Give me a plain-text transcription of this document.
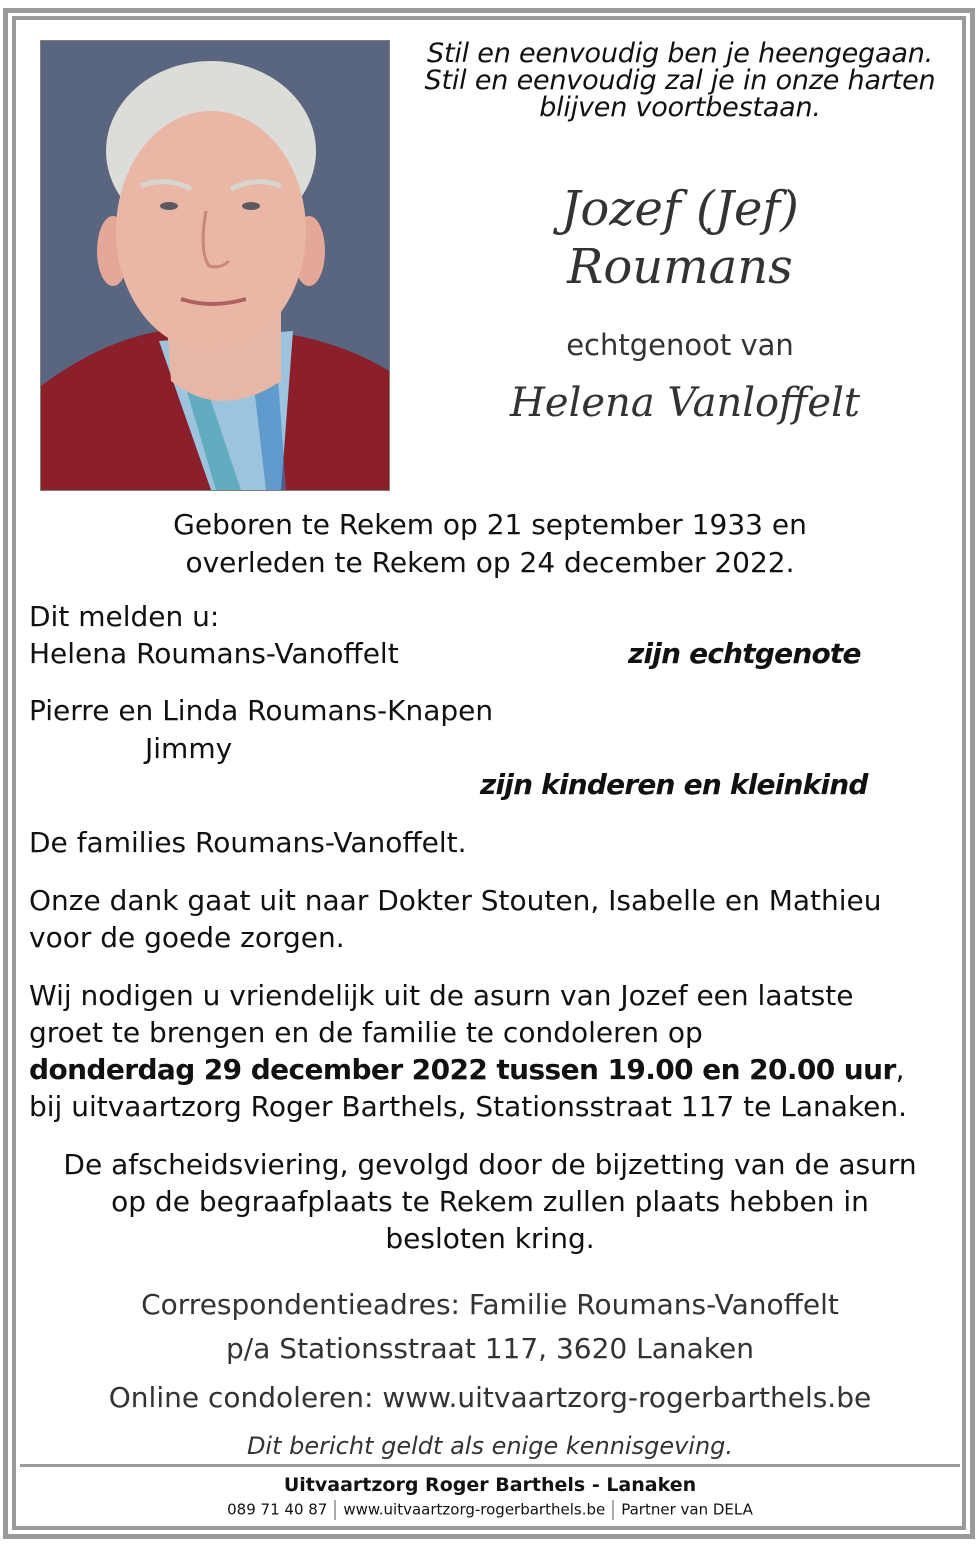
Stil en eenvoudig ben je heengegaan.
Stil en eenvoudig zal je in onze harten
blijven voortbestaan.
Jozef (Jef)
Roumans
echtgenoot van
Helena Vanloffelt
Geboren te Rekem op 21 september 1933 en
overleden te Rekem op 24 december 2022.
Dit melden u:
Helena Roumans-Vanoffelt	zijn echtgenote
Pierre en Linda Roumans-Knapen
Jimmy
zijn kinderen en kleinkind
De families Roumans-Vanoffelt.
Onze dank gaat uit naar Dokter Stouten, Isabelle en Mathieu
voor de goede zorgen.
Wij nodigen u vriendelijk uit de asurn van Jozef een laatste
groet te brengen en de familie te condoleren op
donderdag 29 december 2022 tussen 19.00 en 20.00 uur,
bij uitvaartzorg Roger Barthels, Stationsstraat 117 te Lanaken.
De afscheidsviering, gevolgd door de bijzetting van de asurn
op de begraafplaats te Rekem zullen plaats hebben in
besloten kring.
Correspondentieadres: Familie Roumans-Vanoffelt
p/a Stationsstraat 117, 3620 Lanaken
Online condoleren: www.uitvaartzorg-rogerbarthels.be
Dit bericht geldt als enige kennisgeving.
Uitvaartzorg Roger Barthels - Lanaken
089 71 40 87 www.uitvaartzorg-rogerbarthels.be Partner van DELA
